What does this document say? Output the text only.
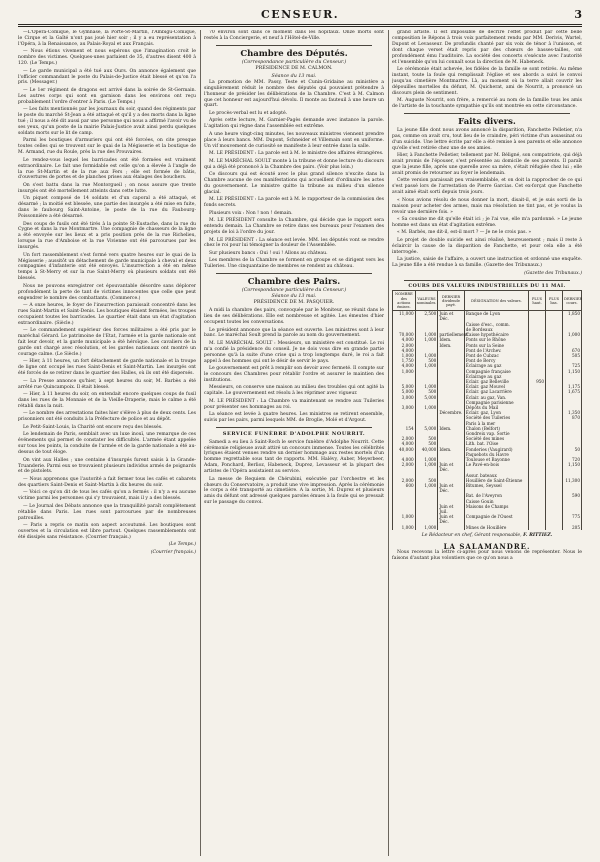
CENSEUR.	3

—L'Opéra-Comique, le Gymnase, la Porte-St-Martin, l'Ambigu-Comique, le Cirque et la Gaîté n'ont pas joué hier soir ; il y a eu représentation à l'Opéra, à la Renaissance, au Palais-Royal et aux Français.

— Nous étions vivement et nous espérons que l'imagination croit le nombre des victimes. Quelques-unes parlaient de 35, d'autres disent 400 à 120. (Le Temps.)

— Le garde municipal a été tué aux Ours. On annonce également que l'officier commandant le poste du Palais-de-Justice était blessé et qu'on l'a pris. (Messager.)

— Le 1er régiment de dragons est arrivé dans la soirée de St-Germain. Les autres corps qui sont en garnison dans les environs ont reçu probablement l'ordre d'entrer à Paris. (Le Temps.)

— Les faits mentionnés par les journaux du soir, quand des régiments par le poste du marché St-Jean a été attaqué et qu'il y a des morts dans la ligne tué ; il nous a été dit aussi par une personne qui nous a affirmé l'avoir vu de ses yeux, qu'un poste de la mairie Palais-Justice avait ainsi perdu quelques soldats morts sur le lit de camp.

Parmi les boutiques d'armuriers qui ont été forcées, on cite presque toutes celles qui se trouvent sur le quai de la Mégisserie et la boutique de M. Armand, rue du Roule, près la rue des Prouvaires.

Le rendez-vous lequel les barricades ont été formées est vraiment extraordinaire. Le fait une formidable est celle qu'on a élevée à l'angle de la rue St-Martin et de la rue aux Fers ; elle est formée de bâtis, d'ouvertures de portes et de planches prises aux étalages des bouchers.

On s'est battu dans la rue Montorgueil ; on nous assure que trente insurgés ont été mortellement atteints dans cette lutte.

Un piquet composé de 14 soldats et d'un caporal a été attaqué, et désarmé ; la moitié est blessée, une partie des insurgés a été mise en fuite, dans le faubourg Saint-Antoine, le poste de la rue du Faubourg-Poissonnière a été désarmé.

Des coups de fusils ont été tirés à la pointe St-Eustache, dans la rue du Cygne et dans la rue Montmartre. Une compagnie de chasseurs de la ligne a été envoyée sur les lieux et a pris position près de la rue Richelieu, lorsque la rue d'Amboise et la rue Vivienne ont été parcourues par les insurgés.

Un fort rassemblement s'est formé vers quatre heures sur le quai de la Mégisserie ; aussitôt un détachement de garde municipale à cheval et deux compagnies d'infanterie ont été envoyés. L'insurrection a été en même temps à St-Merry et sur la rue Saint-Merry où plusieurs soldats ont été blessés.

Nous ne pouvons enregistrer cet épouvantable désordre sans déplorer profondément la perte de tant de victimes innocentes que celle que peut engendrer le nombre des combattants. (Commerce.)

— A onze heures, le foyer de l'insurrection paraissait concentré dans les rues Saint-Martin et Saint-Denis. Les boutiques étaient fermées, les troupes occupaient toutes les barricades. Le quartier était dans un état d'agitation extraordinaire. (Siècle.)

— Le commandement supérieur des forces militaires a été pris par le maréchal Gérard. Le patrimoine de l'Etat, l'armée et la garde nationale ont fait leur devoir, et la garde municipale a été héroïque. Les cavaliers de la garde ont chargé avec résolution, et les gardes nationaux ont montré un courage calme. (Le Siècle.)

— Hier, à 11 heures, un fort détachement de garde nationale et la troupe de ligne ont occupé les rues Saint-Denis et Saint-Martin. Les insurgés ont été forcés de se retirer dans le quartier des Halles, où ils ont été dispersés.

— La Presse annonce qu'hier, à sept heures du soir, M. Barbès a été arrêté rue Quincampoix. Il était blessé.

— Hier, à 11 heures du soir, on entendait encore quelques coups de fusil dans les rues de la Monnaie et de la Vieille-Draperie, mais le calme a été rétabli dans la nuit.

— Le nombre des arrestations faites hier s'élève à plus de deux cents. Les prisonniers ont été conduits à la Préfecture de police et au dépôt.

Le Petit-Saint-Louis, la Charité ont encore reçu des blessés.

Le lendemain de Paris, semblait avec un luxe inouï, une remarque de ces événements qui permet de constater les difficultés. L'armée étant appelée sur tous les points, la conduite de l'armée et de la garde nationale a été au-dessus de tout éloge.

On vint aux Halles ; une centaine d'insurgés furent saisis à la Grande-Truanderie. Parmi eux se trouvaient plusieurs individus armés de poignards et de pistolets.

— Nous apprenons que l'autorité a fait fermer tous les cafés et cabarets des quartiers Saint-Denis et Saint-Martin à dix heures du soir.

— Voici ce qu'on dit de tous les cafés qu'on a fermés : il n'y a eu aucune victime parmi les personnes qui s'y trouvaient, mais il y a des blessés.

— Le Journal des Débats annonce que la tranquillité paraît complètement rétablie dans Paris. Les rues sont parcourues par de nombreuses patrouilles.

— Paris a repris ce matin son aspect accoutumé. Les boutiques sont ouvertes et la circulation est libre partout. Quelques rassemblements ont été dissipés sans résistance. (Courrier français.)

(Le Temps.)
(Courrier français.)

70 environ sont dans ce moment dans les hôpitaux. Onze morts sont restés à la Conciergerie, et neuf à l'Hôtel-de-Ville.

Chambre des Députés.
(Correspondance particulière du Censeur.)
PRÉSIDENCE DE M. CALMON.
Séance du 13 mai.

La promotion de MM. Passy, Teste et Cunin-Gridaine au ministère a singulièrement réduit le nombre des députés qui pouvaient prétendre à l'honneur de présider les délibérations de la Chambre. C'est à M. Calmon que cet honneur est aujourd'hui dévolu. Il monte au fauteuil à une heure un quart.

Le procès-verbal est lu et adopté.

Après cette lecture, M. Garnier-Pagès demande avec instance la parole. L'agitation qui règne dans l'assemblée est extrême.

A une heure vingt-cinq minutes, les nouveaux ministres viennent prendre place à leurs bancs. MM. Dupont, Schneider et Villemain sont en uniforme. Un vif mouvement de curiosité se manifeste à leur entrée dans la salle.

M. LE PRÉSIDENT : La parole est à M. le ministre des affaires étrangères.

M. LE MARÉCHAL SOULT monte à la tribune et donne lecture du discours qui a déjà été prononcé à la Chambre des pairs. (Voir plus loin.)

Ce discours qui est écouté avec le plus grand silence n'excite dans la Chambre aucune de ces manifestations qui accueillent d'ordinaire les actes du gouvernement. Le ministre quitte la tribune au milieu d'un silence glacial.

M. LE PRÉSIDENT : La parole est à M. le rapporteur de la commission des fonds secrets.

Plusieurs voix : Non ! non ! demain.

M. LE PRÉSIDENT consulte la Chambre, qui décide que le rapport sera entendu demain. La Chambre se retire dans ses bureaux pour l'examen des projets de loi à l'ordre du jour.

M. LE PRÉSIDENT : La séance est levée. MM. les députés vont se rendre chez le roi pour lui témoigner la douleur de l'Assemblée.

Sur plusieurs bancs : Oui ! oui ! Allons au château.

Les membres de la Chambre se forment en groupe et se dirigent vers les Tuileries. Une cinquantaine de membres se rendent au château.

Chambre des Pairs.
(Correspondance particulière du Censeur.)
Séance du 13 mai.
PRÉSIDENCE DE M. PASQUIER.

A midi la chambre des pairs, convoquée par le Moniteur, se réunit dans le lieu de ses délibérations. Elle est nombreuse et agitée. Les émeutes d'hier occupent toutes les conversations.

Le président annonce que la séance est ouverte. Les ministres sont à leur banc. Le maréchal Soult prend la parole au nom du gouvernement.

M. LE MARÉCHAL SOULT : Messieurs, un ministère est constitué. Le roi m'a confié la présidence du conseil. Je ne dois vous dire en grande partie personne qu'à la suite d'une crise qui a trop longtemps duré, le roi a fait appel à des hommes qui ont le désir de servir le pays.

Le gouvernement est prêt à remplir son devoir avec fermeté. Il compte sur le concours des Chambres pour rétablir l'ordre et assurer le maintien des institutions.

Messieurs, on conserve une maison au milieu des troubles qui ont agité la capitale. Le gouvernement est résolu à les réprimer avec vigueur.

M. LE PRÉSIDENT : La Chambre va maintenant se rendre aux Tuileries pour présenter ses hommages au roi.

La séance est levée à quatre heures. Les ministres se retirent ensemble, suivis par les pairs, parmi lesquels MM. de Broglie, Molé et d'Argout.

SERVICE FUNÈBRE D'ADOLPHE NOURRIT.

Samedi a eu lieu à Saint-Roch le service funèbre d'Adolphe Nourrit. Cette cérémonie religieuse avait attiré un concours immense. Toutes les célébrités lyriques étaient venues rendre un dernier hommage aux restes mortels d'un homme regrettable sous tant de rapports. MM. Halévy, Auber, Meyerbeer, Adam, Ponchard, Berlioz, Habeneck, Duprez, Levasseur et la plupart des artistes de l'Opéra assistaient au service.

La messe de Requiem de Chérubini, exécutée par l'orchestre et les chœurs du Conservatoire, a produit une vive impression. Après la cérémonie le corps a été transporté au cimetière. A la sortie, M. Duprez et plusieurs amis du défunt ont adressé quelques paroles émues à la foule qui se pressait sur le passage du convoi.

grand artiste. Il est impossible de décrire l'effet produit par cette belle composition le Répons à trois voix parfaitement rendu par MM. Derivis, Wartel, Dupont et Levasseur. De profundis chanté par six voix de ténor à l'unisson, et dont chaque verset était repris par des chœurs de basses-tailles, ont profondément ému l'auditoire. La société des concerts s'exécute avec l'autorité et l'ensemble qu'on lui connaît sous la direction de M. Habeneck.

Le cérémonie était achevée, les fidèles de la famille se sont retirés. Au même instant, toute la foule qui remplissait l'église et ses abords a suivi le convoi jusqu'au cimetière Montmartre. Là, au moment où la terre allait couvrir les dépouilles mortelles du défunt, M. Quicherat, ami de Nourrit, a prononcé un discours plein de sentiment.

M. Auguste Nourrit, son frère, a remercié au nom de la famille tous les amis de l'artiste de la touchante sympathie qu'ils ont montrée en cette circonstance.

Faits divers.

La jeune fille dont nous avons annoncé la disparition, Fanchette Pelletier, n'a pas, comme on avait cru, tout lieu de le craindre, péri victime d'un assassinat ou d'un suicide. Une lettre écrite par elle a été remise à ses parents et elle annonce qu'elle s'est retirée chez une de ses amies.

Hier, à Fanchette Pelletier, tellement par M. Béligné, son compatriote, qui déjà avait promis de l'épouser, s'est présentée au domicile de ses parents. Il paraît que la jeune fille, après une querelle avec sa mère, s'était réfugiée chez lui ; elle avait promis de retourner au foyer le lendemain.

Cette version paraissait peu vraisemblable, et on doit la rapprocher de ce qui s'est passé lors de l'arrestation de Pierre Garcias. Cet ex-forçat que Fanchette avait aimé était sorti depuis trois jours.

« Nous avions résolu de nous donner la mort, disait-il, et je suis sorti de la maison pour acheter des armes, mais ma résolution ne tint pas, et je voulus la revoir une dernière fois. »

« Sa cousine me dit qu'elle était ici ; je l'ai vue, elle m'a pardonné. » Le jeune homme est dans un état d'agitation extrême.

« M. Barbès, me dit-il, est-il mort ? — Je ne le crois pas. »

Le projet de double suicide est ainsi réalisé, heureusement ; mais il reste à éclaircir la cause de la disparition de Fanchette, et pour cela elle a été interrogée.

La justice, saisie de l'affaire, a ouvert une instruction et ordonné une enquête. La jeune fille a été rendue à sa famille. (Gazette des Tribunaux.)

(Gazette des Tribunaux.)
COURS DES VALEURS INDUSTRIELLES DU 11 MAI.
NOMBRE des actions émises.	VALEURS nominales.	DERNIER dividende payé.	DÉSIGNATION des valeurs.	PLUS haut.	PLUS bas.	DERNIER cours.
11,000	2,500	Juin et Déc.	Banque de Lyon			1,850
			Caisse d'esc., comm.			
			de Bordeaux			
70,000	1,000	partiellement	Caisse hypothécaire			1,000
4,000	1,000	Idem.	Ponts sur le Rhône			
2,000		Idem.	Ponts sur la Seine			
4,000			Pont de l'Archev.			670
1,000	1,000		Pont de Cubzac			505
1,750	500		Pont de Bercy			
4,000	1,000		Éclairage au gaz			725
1,000			Compagnie française			1,150
			Éclairage au gaz			
			Eclair. gaz Belleville	950		
5,000	1,000		Éclair. gaz Mouvel			1,175
5,000	500		Éclair. gaz Lacarrière			1,675
3,000	5,000		Éclair. au gaz, Van.			
			Compagnie parisienne			
3,000	1,000		Dépôts du Mail			
		Décembre.	Éclair. gaz, Lyon			1,350
			Société des Tuileries			870
			Paris à la mer			
154	5,000	Idem.	Chalon (Belfort)			
			Gondreix vap. Sortie			
2,000	500		Société des mines			
4,000	500		Lith. bat. l'Oise			
40,000	40,000	Idem.	Fonderies (Vaugirard)			50
			Paquebots du Havre			
4,000	1,000		Toulouse et Bayonne			720
2,000	1,000	Juin et Déc.	Le Pavé-en-bois			1,150
			Assur. bateaux			
2,000	500		Houillère de Saint-Étienne			11,300
600	1,000	Juin et Déc.	Bitumes, Seyssel			
			Bat. de l'Aveyron			590
			Caisse Gouin			
		Juin et Juil.	Maisons de Champs			
1,000		Juin et Déc.	Compagnie de l'Ouest			775
1,000	1,000		Mines de Houillère			205
Le Rédacteur en chef, Gérant responsable, F. RITTIEZ.
LA SALAMANDRE.

Nous recevons la lettre ci-après pour nous venons de représenter. Nous le faisons d'autant plus volontiers que ce qu'on nous a
